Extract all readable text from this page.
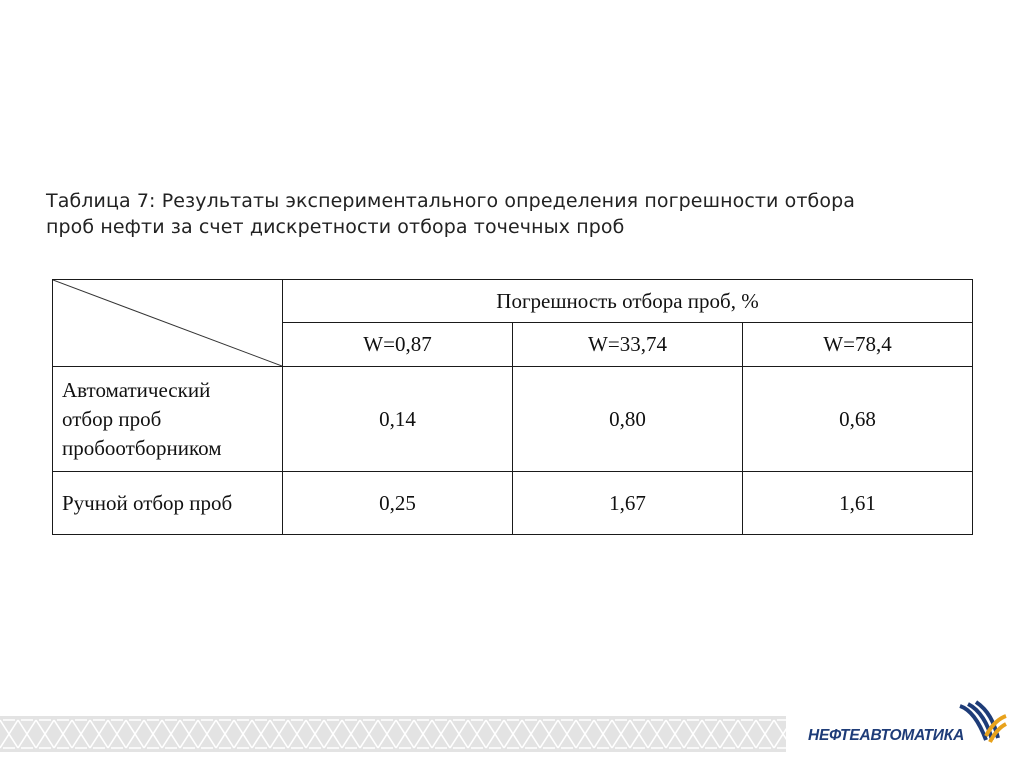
Таблица 7: Результаты экспериментального определения погрешности отбора
проб нефти за счет дискретности отбора точечных проб
	Погрешность отбора проб, %		
	W=0,87	W=33,74	W=78,4

Автоматический
отбор проб
пробоотборником	0,14	0,80	0,68

Ручной отбор проб	0,25	1,67	1,61
НЕФТЕАВТОМАТИКА
